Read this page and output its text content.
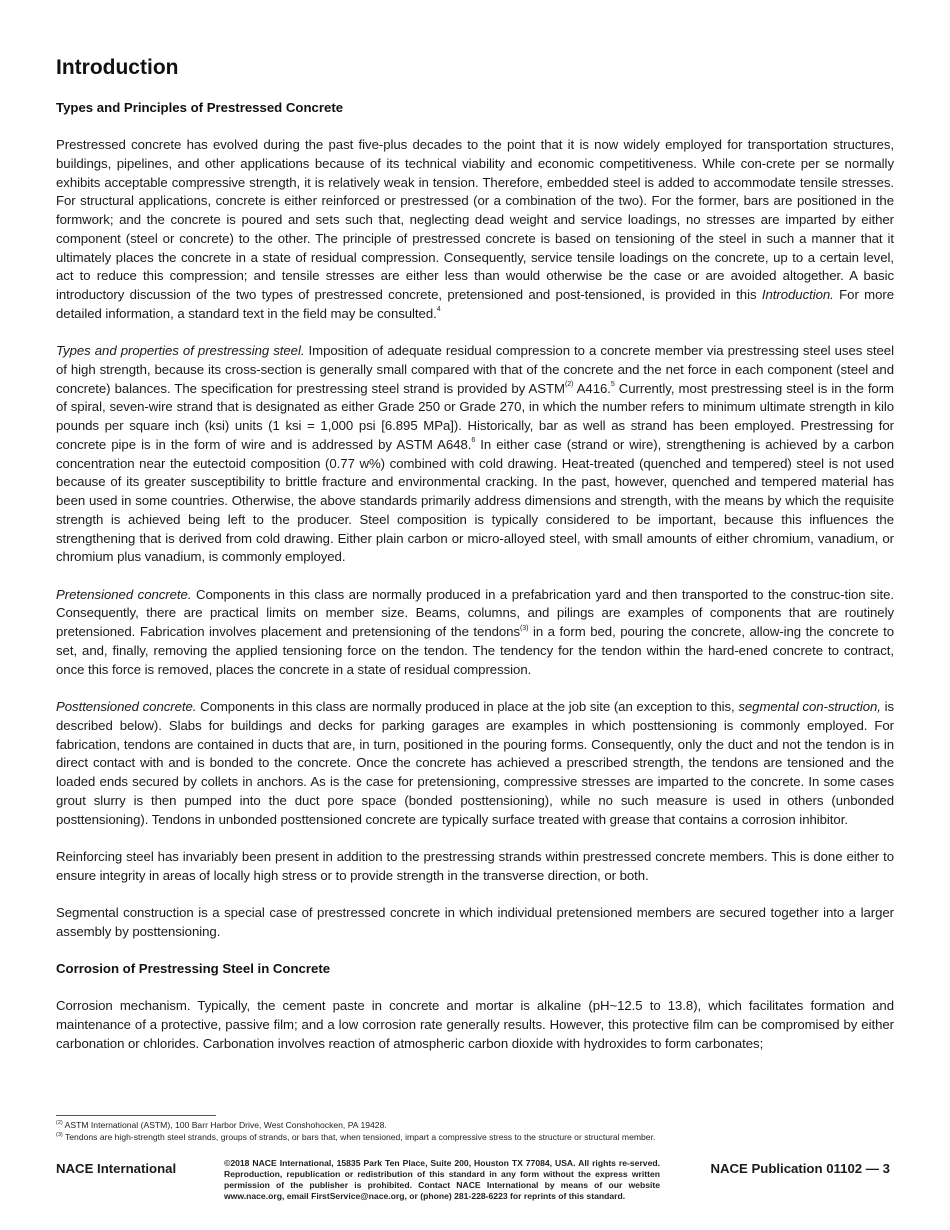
Introduction
Types and Principles of Prestressed Concrete

Prestressed concrete has evolved during the past five-plus decades to the point that it is now widely employed for transportation structures, buildings, pipelines, and other applications because of its technical viability and economic competitiveness. While con-crete per se normally exhibits acceptable compressive strength, it is relatively weak in tension. Therefore, embedded steel is added to accommodate tensile stresses. For structural applications, concrete is either reinforced or prestressed (or a combination of the two). For the former, bars are positioned in the formwork; and the concrete is poured and sets such that, neglecting dead weight and service loadings, no stresses are imparted by either component (steel or concrete) to the other. The principle of prestressed concrete is based on tensioning of the steel in such a manner that it ultimately places the concrete in a state of residual compression. Consequently, service tensile loadings on the concrete, up to a certain level, act to reduce this compression; and tensile stresses are either less than would otherwise be the case or are avoided altogether. A basic introductory discussion of the two types of prestressed concrete, pretensioned and post-tensioned, is provided in this Introduction. For more detailed information, a standard text in the field may be consulted.$^4$

Types and properties of prestressing steel. Imposition of adequate residual compression to a concrete member via prestressing steel uses steel of high strength, because its cross-section is generally small compared with that of the concrete and the net force in each component (steel and concrete) balances. The specification for prestressing steel strand is provided by ASTM$^{(2)}$ A416.$^5$ Currently, most prestressing steel is in the form of spiral, seven-wire strand that is designated as either Grade 250 or Grade 270, in which the number refers to minimum ultimate strength in kilo pounds per square inch (ksi) units (1 ksi = 1,000 psi [6.895 MPa]). Historically, bar as well as strand has been employed. Prestressing for concrete pipe is in the form of wire and is addressed by ASTM A648.$^6$ In either case (strand or wire), strengthening is achieved by a carbon concentration near the eutectoid composition (0.77 w%) combined with cold drawing. Heat-treated (quenched and tempered) steel is not used because of its greater susceptibility to brittle fracture and environmental cracking. In the past, however, quenched and tempered material has been used in some countries. Otherwise, the above standards primarily address dimensions and strength, with the means by which the requisite strength is achieved being left to the producer. Steel composition is typically considered to be important, because this influences the strengthening that is derived from cold drawing. Either plain carbon or micro-alloyed steel, with small amounts of either chromium, vanadium, or chromium plus vanadium, is commonly employed.

Pretensioned concrete. Components in this class are normally produced in a prefabrication yard and then transported to the construc-tion site. Consequently, there are practical limits on member size. Beams, columns, and pilings are examples of components that are routinely pretensioned. Fabrication involves placement and pretensioning of the tendons$^{(3)}$ in a form bed, pouring the concrete, allow-ing the concrete to set, and, finally, removing the applied tensioning force on the tendon. The tendency for the tendon within the hard-ened concrete to contract, once this force is removed, places the concrete in a state of residual compression.

Posttensioned concrete. Components in this class are normally produced in place at the job site (an exception to this, segmental con-struction, is described below). Slabs for buildings and decks for parking garages are examples in which posttensioning is commonly employed. For fabrication, tendons are contained in ducts that are, in turn, positioned in the pouring forms. Consequently, only the duct and not the tendon is in direct contact with and is bonded to the concrete. Once the concrete has achieved a prescribed strength, the tendons are tensioned and the loaded ends secured by collets in anchors. As is the case for pretensioning, compressive stresses are imparted to the concrete. In some cases grout slurry is then pumped into the duct pore space (bonded posttensioning), while no such measure is used in others (unbonded posttensioning). Tendons in unbonded posttensioned concrete are typically surface treated with grease that contains a corrosion inhibitor.

Reinforcing steel has invariably been present in addition to the prestressing strands within prestressed concrete members. This is done either to ensure integrity in areas of locally high stress or to provide strength in the transverse direction, or both.

Segmental construction is a special case of prestressed concrete in which individual pretensioned members are secured together into a larger assembly by posttensioning.

Corrosion of Prestressing Steel in Concrete

Corrosion mechanism. Typically, the cement paste in concrete and mortar is alkaline (pH~12.5 to 13.8), which facilitates formation and maintenance of a protective, passive film; and a low corrosion rate generally results. However, this protective film can be compromised by either carbonation or chlorides. Carbonation involves reaction of atmospheric carbon dioxide with hydroxides to form carbonates;

$^{(2)}$ ASTM International (ASTM), 100 Barr Harbor Drive, West Conshohocken, PA 19428.
$^{(3)}$ Tendons are high-strength steel strands, groups of strands, or bars that, when tensioned, impart a compressive stress to the structure or structural member.
NACE International	©2018 NACE International, 15835 Park Ten Place, Suite 200, Houston TX 77084, USA. All rights re-served. Reproduction, republication or redistribution of this standard in any form without the express written permission of the publisher is prohibited. Contact NACE International by means of our website www.nace.org, email FirstService@nace.org, or (phone) 281-228-6223 for reprints of this standard.
NACE Publication 01102 — 3
